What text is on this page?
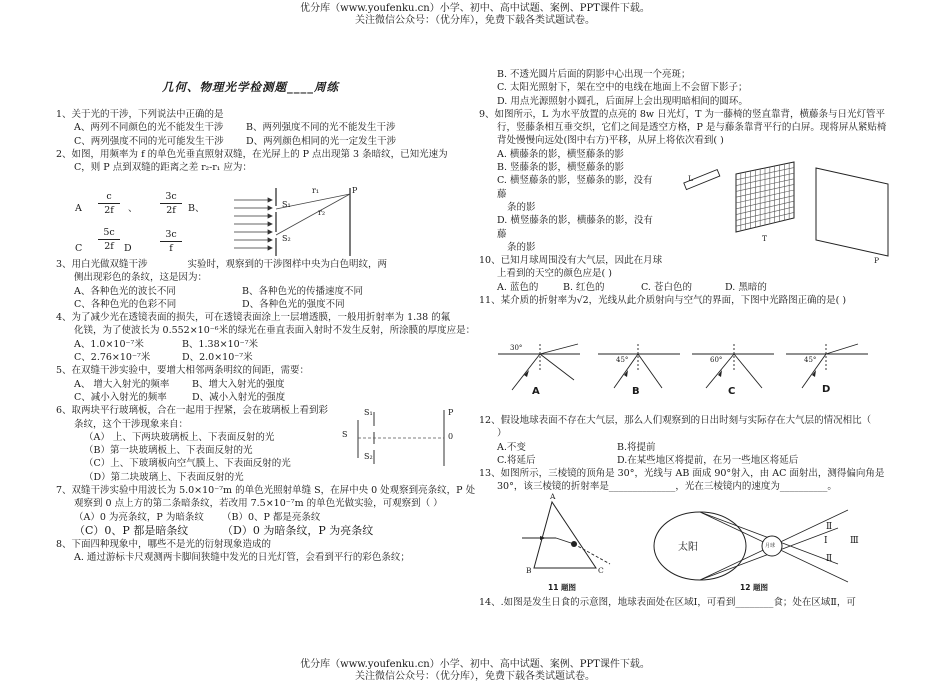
优分库（www.youfenku.cn）小学、初中、高中试题、案例、PPT课件下载。
关注微信公众号：（优分库），免费下载各类试题试卷。
优分库（www.youfenku.cn）小学、初中、高中试题、案例、PPT课件下载。
关注微信公众号：（优分库），免费下载各类试题试卷。
几何、物理光学检测题____周练
1、关于光的干涉，下列说法中正确的是
A、两列不同颜色的光不能发生干涉	B、两列强度不同的光不能发生干涉
C、两列强度不同的光可能发生干涉	D、两列颜色相同的光一定发生干涉
2、如图，用频率为 f 的单色光垂直照射双缝，在光屏上的 P 点出现第 3 条暗纹，已知光速为
C，则 P 点到双缝的距离之差 r₂-r₁ 应为：
A $\frac{c}{2f}$ 、 $\frac{3c}{2f}$ B、
C $\frac{5c}{2f}$ D	$\frac{3c}{f}$
S₁
S₂
r₁
r₂
P
3、用白光做双缝干涉	实验时，观察到的干涉图样中央为白色明纹，两
侧出现彩色的条纹，这是因为：
A、各种色光的波长不同	B、各种色光的传播速度不同
C、各种色光的色彩不同	D、各种色光的强度不同
4、为了减少光在透镜表面的损失，可在透镜表面涂上一层增透膜，一般用折射率为 1.38 的氟
化镁，为了使波长为 0.552×10⁻⁶米的绿光在垂直表面入射时不发生反射，所涂膜的厚度应是：
A、1.0×10⁻⁷米	B、1.38×10⁻⁷米
C、2.76×10⁻⁷米	D、2.0×10⁻⁷米
5、在双缝干涉实验中，要增大相邻两条明纹的间距，需要：
A、 增大入射光的频率	B、增大入射光的强度
C、减小入射光的频率	D、减小入射光的强度
6、取两块平行玻璃板，合在一起用于捏紧，会在玻璃板上看到彩
条纹，这个干涉现象来自：
（A） 上、下两块玻璃板上、下表面反射的光
（B）第一块玻璃板上、下表面反射的光
（C）上、下玻璃板向空气膜上、下表面反射的光
（D）第二块玻璃上、下表面反射的光
7、双缝干涉实验中用波长为 5.0×10⁻⁷m 的单色光照射单缝 S，在屏中央 0 处观察到亮条纹，P 处
观察到 0 点上方的第二条暗条纹，若改用 7.5×10⁻⁷m 的单色光做实验，可观察到（ ）
（A）0 为亮条纹，P 为暗条纹	（B）0、P 都是亮条纹
（C）0、P 都是暗条纹	（D）0 为暗条纹，P 为亮条纹
8、下面四种现象中，哪些不是光的衍射现象造成的
A. 通过游标卡尺观测两卡脚间狭缝中发光的日光灯管，会看到平行的彩色条纹；
S
S₁
S₂
P
0
B. 不透光圆片后面的阴影中心出现一个亮斑；
C. 太阳光照射下，架在空中的电线在地面上不会留下影子；
D. 用点光源照射小圆孔，后面屏上会出现明暗相间的圆环。
9、如图所示，L 为水平放置的点亮的 8w 日光灯，T 为一藤椅的竖直靠背，横藤条与日光灯管平
行，竖藤条相互垂交织，它们之间是透空方格，P 是与藤条靠背平行的白屏。现将屏从紧贴椅
背处慢慢向远处(图中右方)平移，从屏上将依次看到( )
A. 横藤条的影，横竖藤条的影
B. 竖藤条的影，横竖藤条的影
C. 横竖藤条的影，竖藤条的影，没有
藤
条的影
D. 横竖藤条的影，横藤条的影，没有
藤
条的影
10、已知月球周围没有大气层，因此在月球
上看到的天空的颜色应是( )
A. 蓝色的	B. 红色的	C. 苍白色的	D. 黑暗的
11、某介质的折射率为√2，光线从此介质射向与空气的界面，下图中光路图正确的是( )
L
T
P
30°
45°	60°	45°
A	B	C	D
12、假设地球表面不存在大气层，那么人们观察到的日出时刻与实际存在大气层的情况相比（
）
A.不变	B.将提前
C.将延后	D.在某些地区将提前，在另一些地区将延后
13、如图所示，三棱镜的顶角是 30°，光线与 AB 面成 90°射入，由 AC 面射出，测得偏向角是
30°，该三棱镜的折射率是______________，光在三棱镜内的速度为__________。
A
B	C
11 题图
太阳	月球	Ⅰ
Ⅱ
Ⅱ
Ⅲ
12 题图
14、.如图是发生日食的示意图，地球表面处在区域Ⅰ，可看到________食；处在区域Ⅱ，可
